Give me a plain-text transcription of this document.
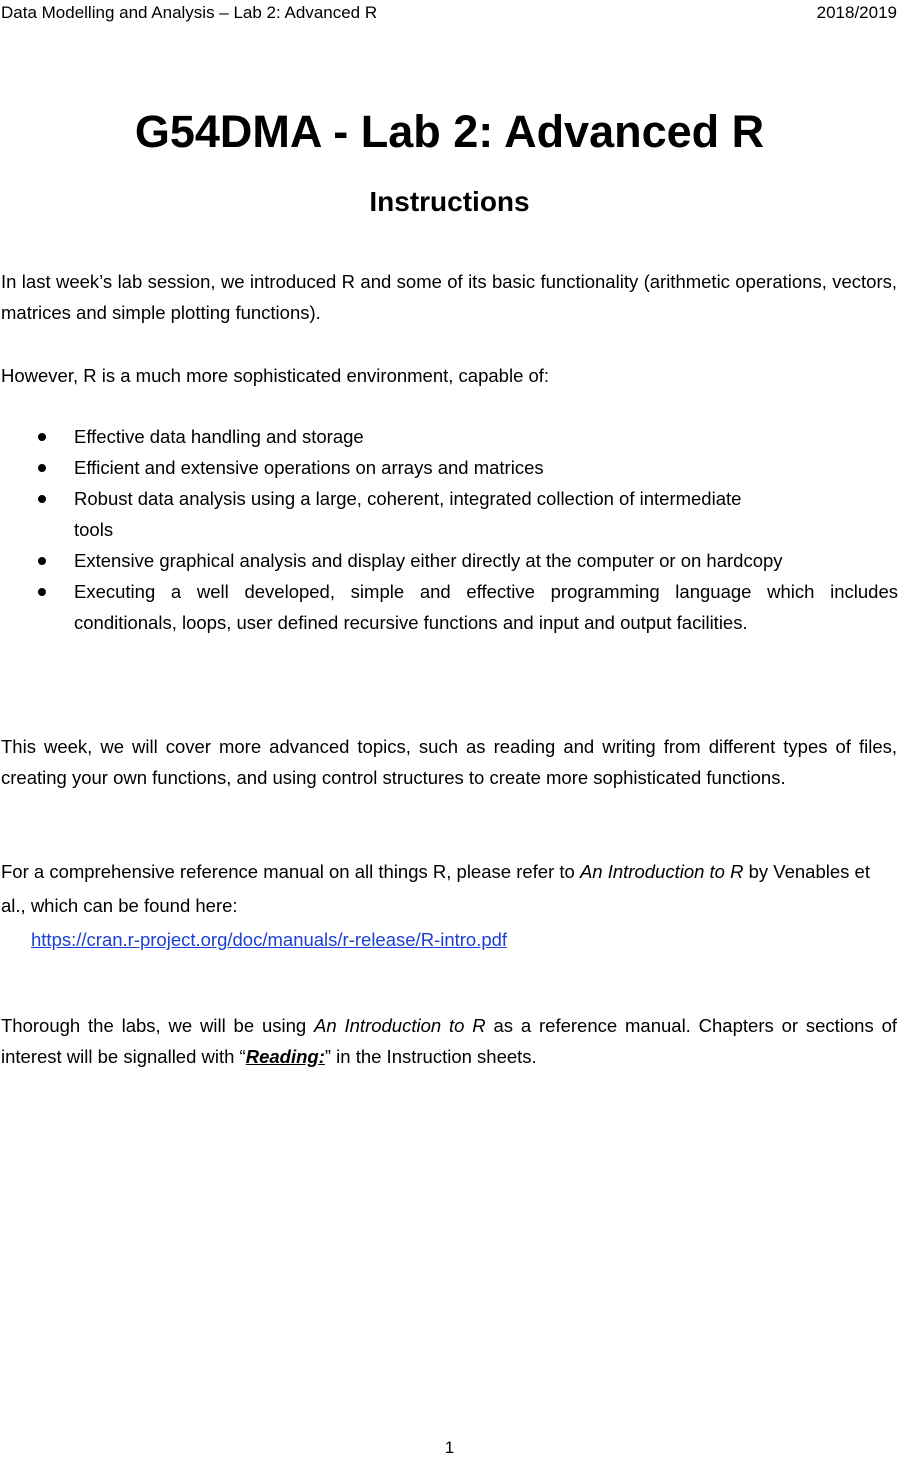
Data Modelling and Analysis – Lab 2: Advanced R	2018/2019
G54DMA - Lab 2: Advanced R
Instructions

In last week’s lab session, we introduced R and some of its basic functionality (arithmetic operations, vectors, matrices and simple plotting functions).

However, R is a much more sophisticated environment, capable of:

Effective data handling and storage
Efficient and extensive operations on arrays and matrices
Robust data analysis using a large, coherent, integrated collection of intermediate tools
Extensive graphical analysis and display either directly at the computer or on hardcopy
Executing a well developed, simple and effective programming language which includes conditionals, loops, user defined recursive functions and input and output facilities.

This week, we will cover more advanced topics, such as reading and writing from different types of files, creating your own functions, and using control structures to create more sophisticated functions.

For a comprehensive reference manual on all things R, please refer to An Introduction to R by Venables et al., which can be found here:

https://cran.r-project.org/doc/manuals/r-release/R-intro.pdf

Thorough the labs, we will be using An Introduction to R as a reference manual. Chapters or sections of interest will be signalled with “Reading:” in the Instruction sheets.

1
